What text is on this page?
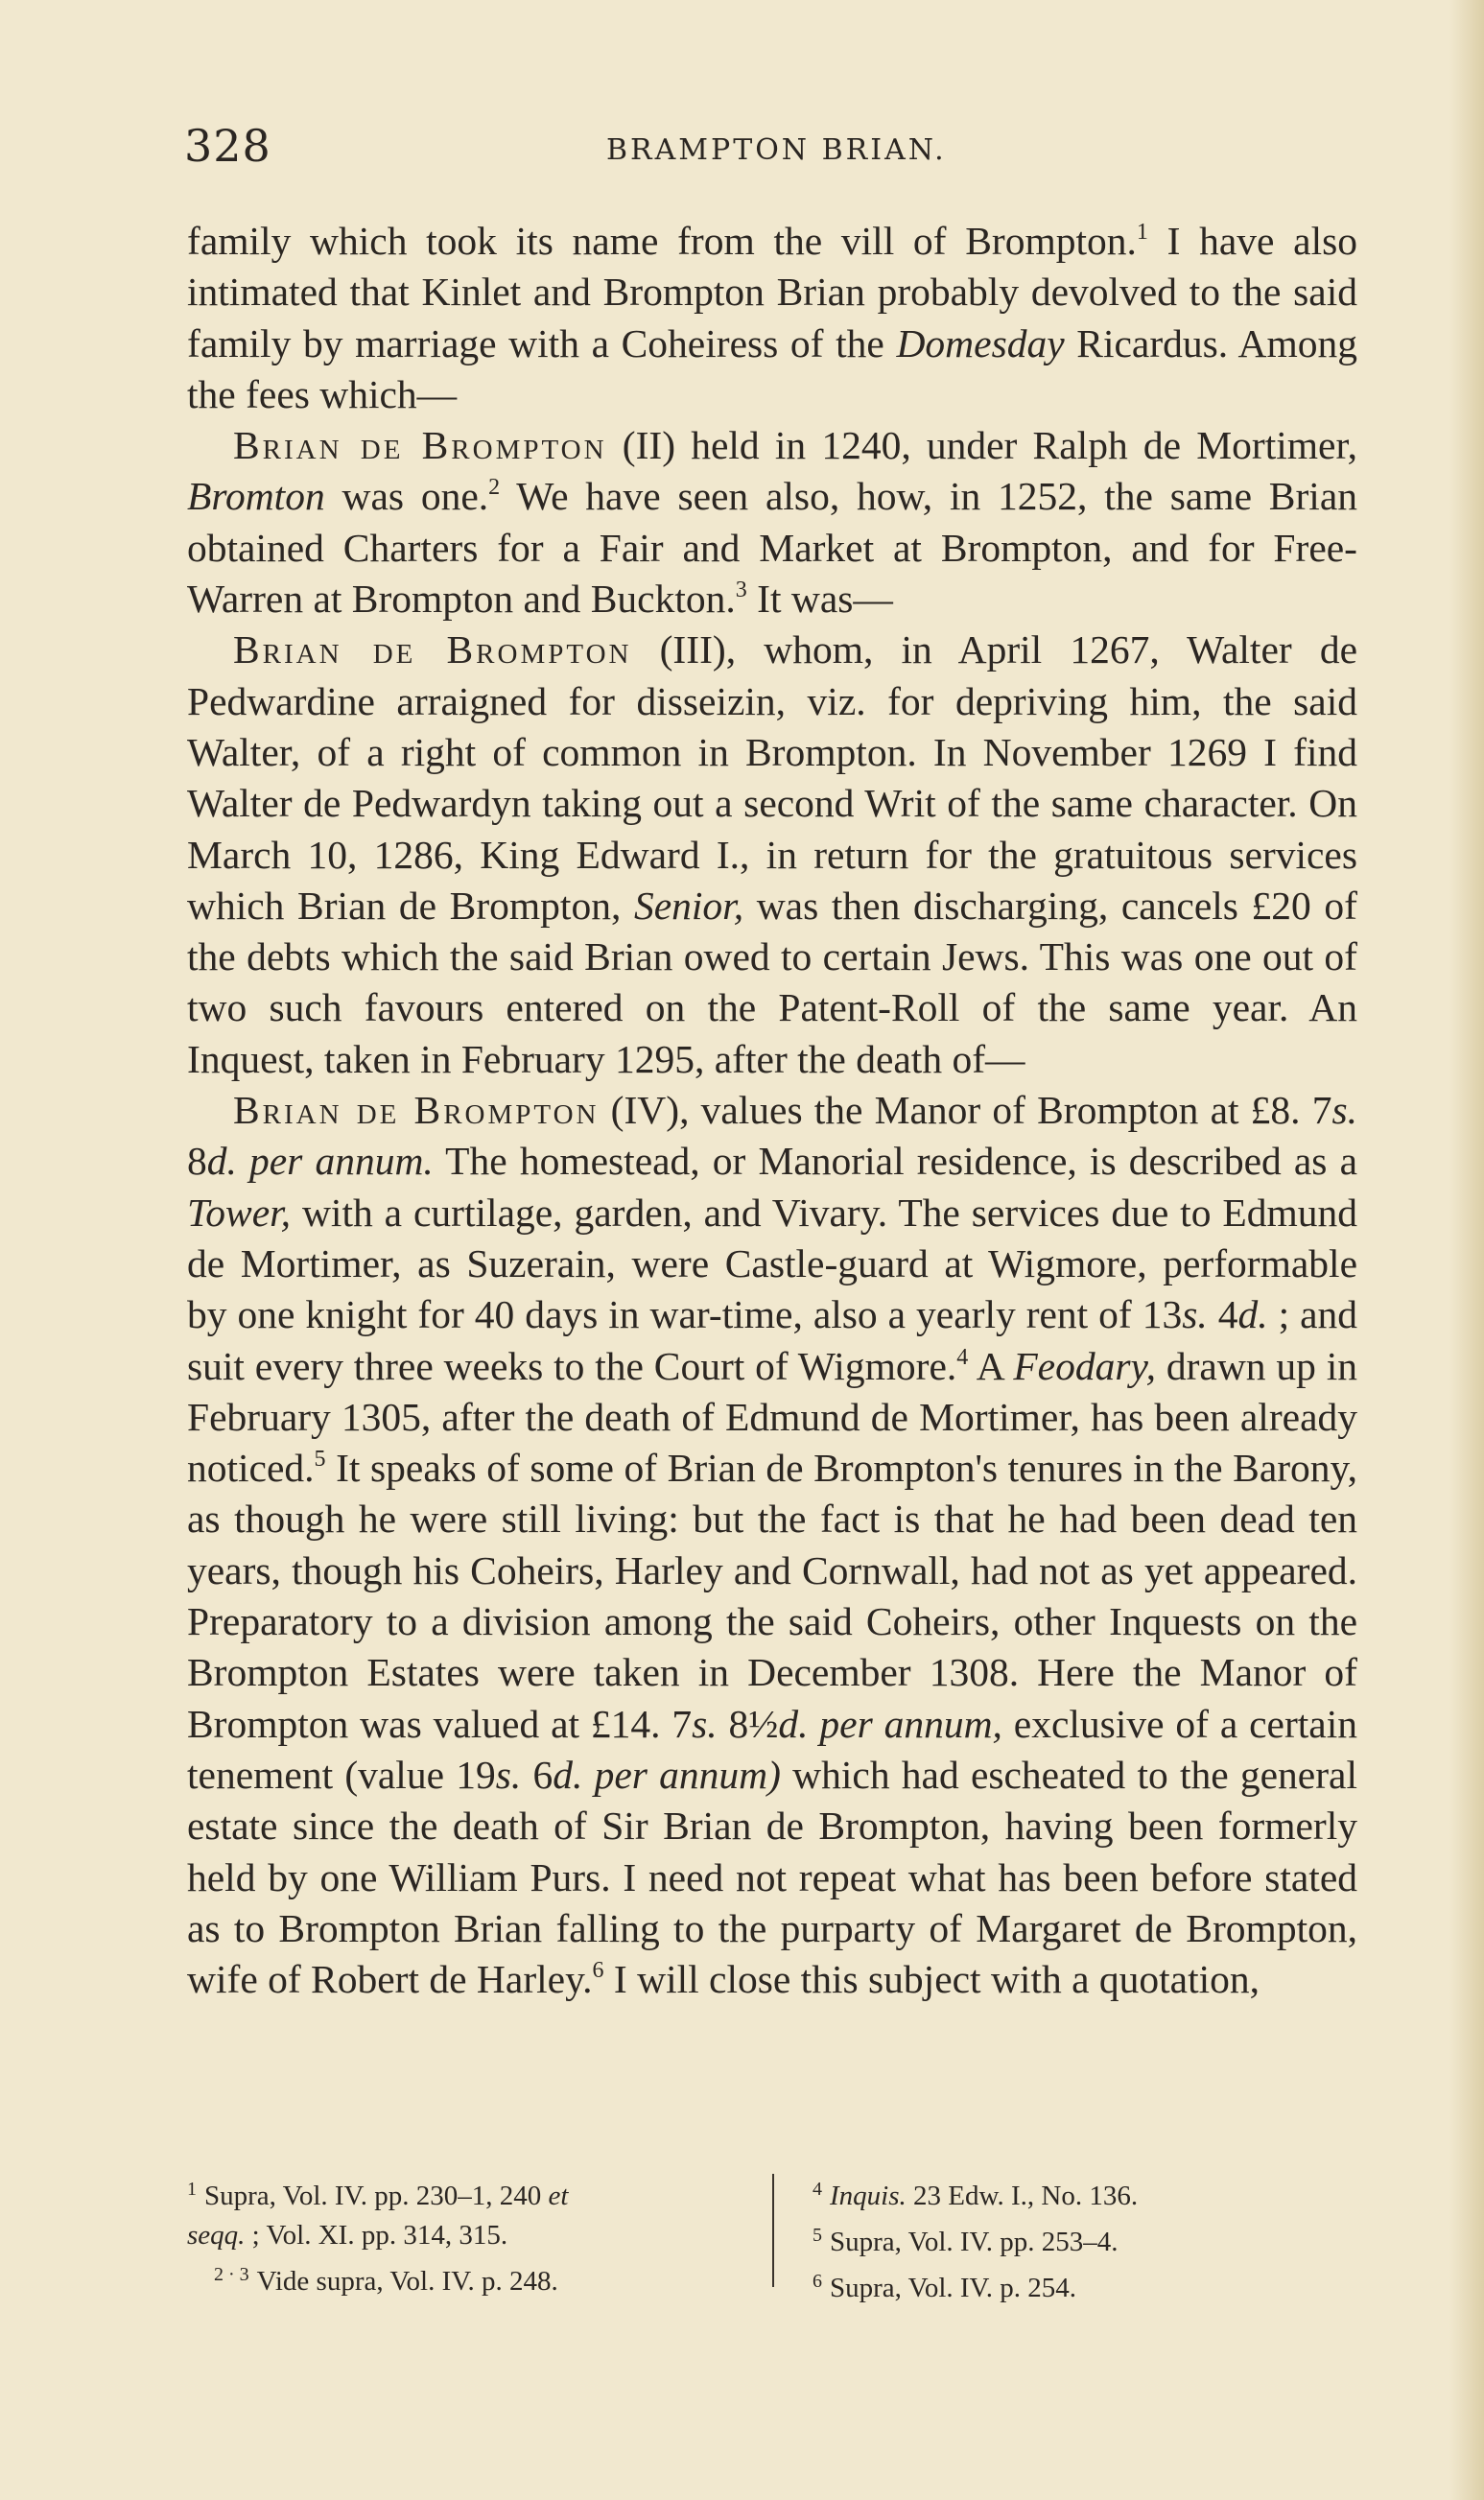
328	BRAMPTON BRIAN.

family which took its name from the vill of Brompton.$^1$ I have also intimated that Kinlet and Brompton Brian probably devolved to the said family by marriage with a Coheiress of the Domesday Ricardus. Among the fees which—

Brian de Brompton (II) held in 1240, under Ralph de Mortimer, Bromton was one.$^2$ We have seen also, how, in 1252, the same Brian obtained Charters for a Fair and Market at Brompton, and for Free-Warren at Brompton and Buckton.$^3$ It was—

Brian de Brompton (III), whom, in April 1267, Walter de Pedwardine arraigned for disseizin, viz. for depriving him, the said Walter, of a right of common in Brompton. In November 1269 I find Walter de Pedwardyn taking out a second Writ of the same character. On March 10, 1286, King Edward I., in return for the gratuitous services which Brian de Brompton, Senior, was then discharging, cancels £20 of the debts which the said Brian owed to certain Jews. This was one out of two such favours entered on the Patent-Roll of the same year. An Inquest, taken in February 1295, after the death of—

Brian de Brompton (IV), values the Manor of Brompton at £8. 7s. 8d. per annum. The homestead, or Manorial residence, is described as a Tower, with a curtilage, garden, and Vivary. The services due to Edmund de Mortimer, as Suzerain, were Castle-guard at Wigmore, performable by one knight for 40 days in war-time, also a yearly rent of 13s. 4d. ; and suit every three weeks to the Court of Wigmore.$^4$ A Feodary, drawn up in February 1305, after the death of Edmund de Mortimer, has been already noticed.$^5$ It speaks of some of Brian de Brompton's tenures in the Barony, as though he were still living: but the fact is that he had been dead ten years, though his Coheirs, Harley and Cornwall, had not as yet appeared. Preparatory to a division among the said Coheirs, other Inquests on the Brompton Estates were taken in December 1308. Here the Manor of Brompton was valued at £14. 7s. 8½d. per annum, exclusive of a certain tenement (value 19s. 6d. per annum) which had escheated to the general estate since the death of Sir Brian de Brompton, having been formerly held by one William Purs. I need not repeat what has been before stated as to Brompton Brian falling to the purparty of Margaret de Brompton, wife of Robert de Harley.$^6$ I will close this subject with a quotation,

$^1$ Supra, Vol. IV. pp. 230–1, 240 et
seqq. ; Vol. XI. pp. 314, 315.
$^{2 \cdot 3}$ Vide supra, Vol. IV. p. 248.
$^4$ Inquis. 23 Edw. I., No. 136.
$^5$ Supra, Vol. IV. pp. 253–4.
$^6$ Supra, Vol. IV. p. 254.
